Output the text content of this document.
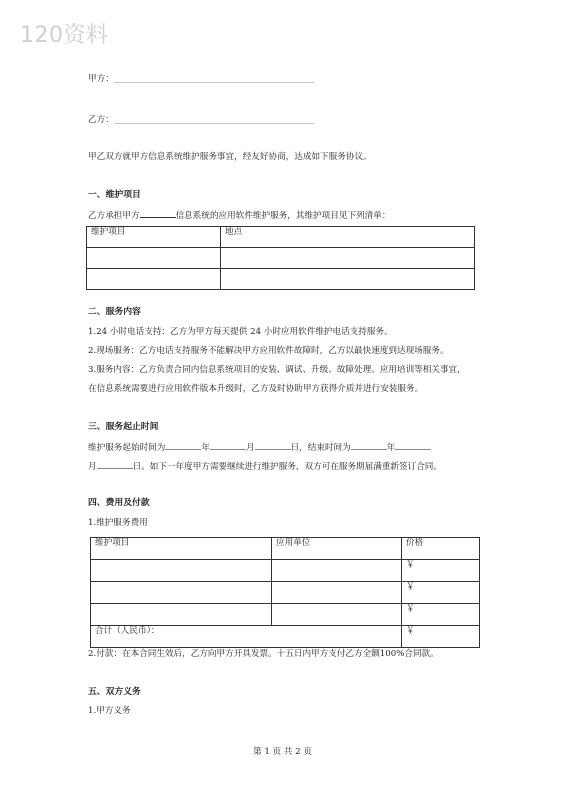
120资料
甲方：
乙方：
甲乙双方就甲方信息系统维护服务事宜，经友好协商，达成如下服务协议。
一、维护项目
乙方承担甲方	信息系统的应用软件维护服务，其维护项目见下列清单：
维护项目	地点

二、服务内容
1.24 小时电话支持：乙方为甲方每天提供 24 小时应用软件维护电话支持服务。
2.现场服务：乙方电话支持服务不能解决甲方应用软件故障时，乙方以最快速度到达现场服务。
3.服务内容：乙方负责合同内信息系统项目的安装、调试、升级、故障处理、应用培训等相关事宜，
在信息系统需要进行应用软件版本升级时，乙方及时协助甲方获得介质并进行安装服务。
三、服务起止时间
维护服务起始时间为	年	月	日，结束时间为	年
月	日。如下一年度甲方需要继续进行维护服务，双方可在服务期届满重新签订合同。
四、费用及付款
1.维护服务费用
维护项目	应用单位	价格
		￥
		￥
		￥
合计（人民币）：		￥
2.付款：在本合同生效后，乙方向甲方开具发票。十五日内甲方支付乙方全额100%合同款。
五、双方义务
1.甲方义务
第 1 页 共 2 页
